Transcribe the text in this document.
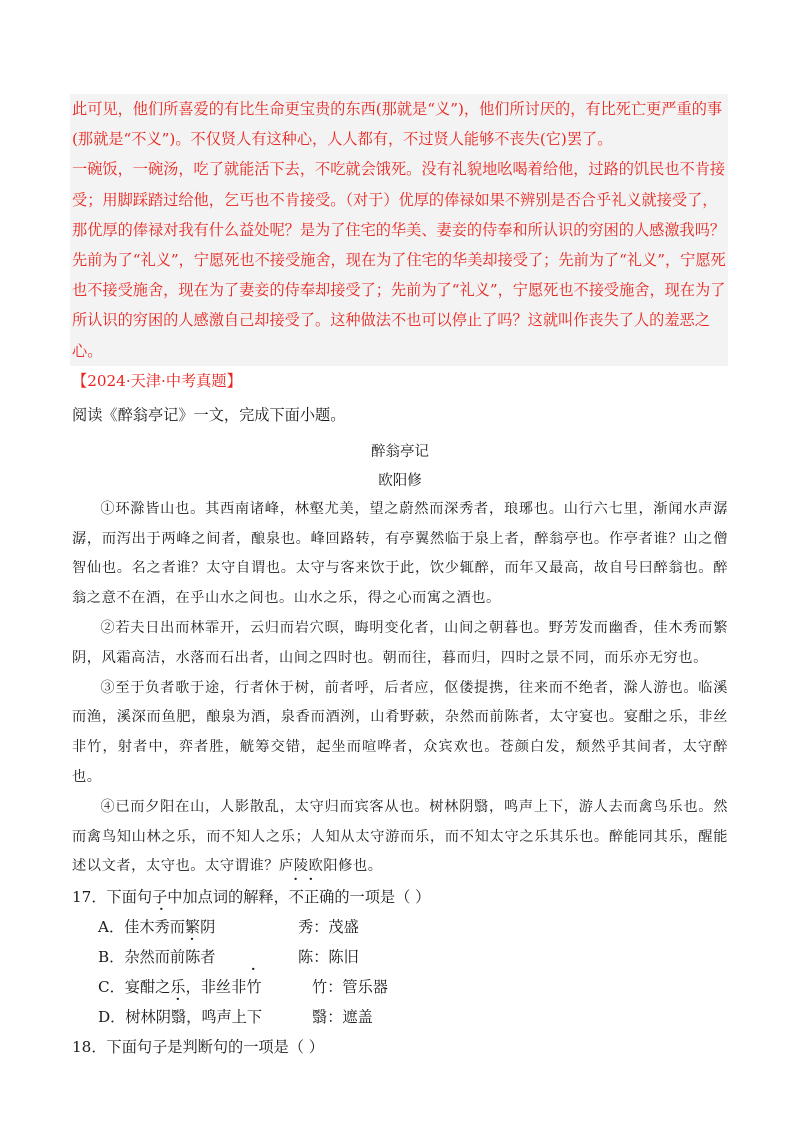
此可见，他们所喜爱的有比生命更宝贵的东西(那就是“义”)，他们所讨厌的，有比死亡更严重的事(那就是“不义”)。不仅贤人有这种心，人人都有，不过贤人能够不丧失(它)罢了。

一碗饭，一碗汤，吃了就能活下去，不吃就会饿死。没有礼貌地吆喝着给他，过路的饥民也不肯接受；用脚踩踏过给他，乞丐也不肯接受。（对于）优厚的俸禄如果不辨别是否合乎礼义就接受了，那优厚的俸禄对我有什么益处呢？是为了住宅的华美、妻妾的侍奉和所认识的穷困的人感激我吗？先前为了“礼义”，宁愿死也不接受施舍，现在为了住宅的华美却接受了；先前为了“礼义”，宁愿死也不接受施舍，现在为了妻妾的侍奉却接受了；先前为了“礼义”，宁愿死也不接受施舍，现在为了所认识的穷困的人感激自己却接受了。这种做法不也可以停止了吗？这就叫作丧失了人的羞恶之心。

【2024·天津·中考真题】

阅读《醉翁亭记》一文，完成下面小题。

醉翁亭记

欧阳修

①环滁皆山也。其西南诸峰，林壑尤美，望之蔚然而深秀者，琅琊也。山行六七里，渐闻水声潺潺，而泻出于两峰之间者，酿泉也。峰回路转，有亭翼然临于泉上者，醉翁亭也。作亭者谁？山之僧智仙也。名之者谁？太守自谓也。太守与客来饮于此，饮少辄醉，而年又最高，故自号曰醉翁也。醉翁之意不在酒，在乎山水之间也。山水之乐，得之心而寓之酒也。

②若夫日出而林霏开，云归而岩穴暝，晦明变化者，山间之朝暮也。野芳发而幽香，佳木秀而繁阴，风霜高洁，水落而石出者，山间之四时也。朝而往，暮而归，四时之景不同，而乐亦无穷也。

③至于负者歌于途，行者休于树，前者呼，后者应，伛偻提携，往来而不绝者，滁人游也。临溪而渔，溪深而鱼肥，酿泉为酒，泉香而酒洌，山肴野蔌，杂然而前陈者，太守宴也。宴酣之乐，非丝非竹，射者中，弈者胜，觥筹交错，起坐而喧哗者，众宾欢也。苍颜白发，颓然乎其间者，太守醉也。

④已而夕阳在山，人影散乱，太守归而宾客从也。树林阴翳，鸣声上下，游人去而禽鸟乐也。然而禽鸟知山林之乐，而不知人之乐；人知从太守游而乐，而不知太守之乐其乐也。醉能同其乐，醒能述以文者，太守也。太守谓谁？庐陵欧阳修也。

17．下面句子中加点词的解释，不正确的一项是（ ）

A．佳木秀而繁阴	秀：茂盛
B．杂然而前陈者	陈：陈旧
C．宴酣之乐，非丝非竹	竹：管乐器
D．树林阴翳，鸣声上下	翳：遮盖

18．下面句子是判断句的一项是（ ）
